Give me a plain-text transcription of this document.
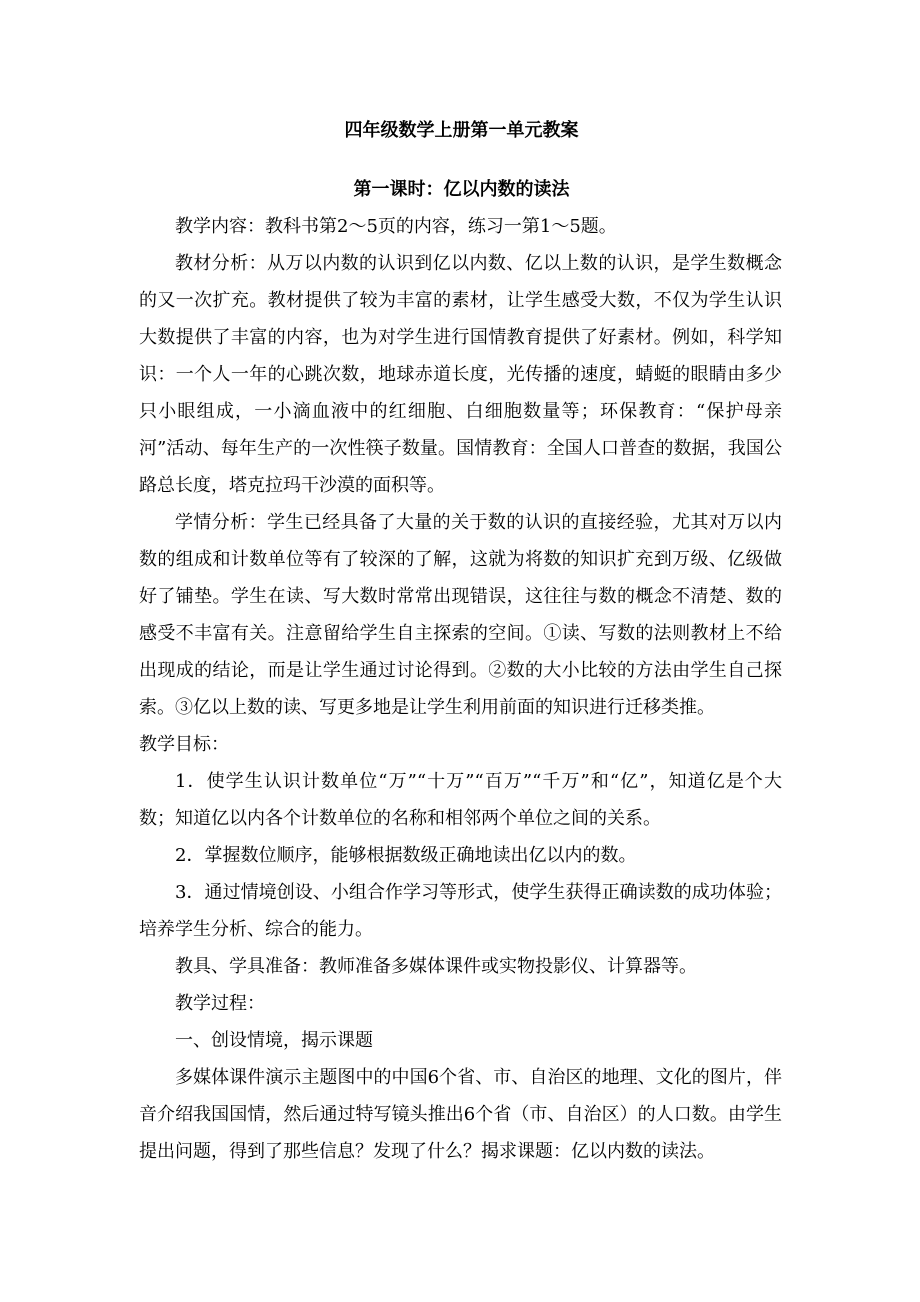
四年级数学上册第一单元教案
第一课时：亿以内数的读法

教学内容：教科书第2～5页的内容，练习一第1～5题。

教材分析：从万以内数的认识到亿以内数、亿以上数的认识，是学生数概念的又一次扩充。教材提供了较为丰富的素材，让学生感受大数，不仅为学生认识大数提供了丰富的内容，也为对学生进行国情教育提供了好素材。例如，科学知识：一个人一年的心跳次数，地球赤道长度，光传播的速度，蜻蜓的眼睛由多少只小眼组成，一小滴血液中的红细胞、白细胞数量等；环保教育：“保护母亲河”活动、每年生产的一次性筷子数量。国情教育：全国人口普查的数据，我国公路总长度，塔克拉玛干沙漠的面积等。

学情分析：学生已经具备了大量的关于数的认识的直接经验，尤其对万以内数的组成和计数单位等有了较深的了解，这就为将数的知识扩充到万级、亿级做好了铺垫。学生在读、写大数时常常出现错误，这往往与数的概念不清楚、数的感受不丰富有关。注意留给学生自主探索的空间。①读、写数的法则教材上不给出现成的结论，而是让学生通过讨论得到。②数的大小比较的方法由学生自己探索。③亿以上数的读、写更多地是让学生利用前面的知识进行迁移类推。

教学目标：

1．使学生认识计数单位“万”“十万”“百万”“千万”和“亿”，知道亿是个大数；知道亿以内各个计数单位的名称和相邻两个单位之间的关系。

2．掌握数位顺序，能够根据数级正确地读出亿以内的数。

3．通过情境创设、小组合作学习等形式，使学生获得正确读数的成功体验；培养学生分析、综合的能力。

教具、学具准备：教师准备多媒体课件或实物投影仪、计算器等。

教学过程：

一、创设情境，揭示课题

多媒体课件演示主题图中的中国6个省、市、自治区的地理、文化的图片，伴音介绍我国国情，然后通过特写镜头推出6个省（市、自治区）的人口数。由学生提出问题，得到了那些信息？发现了什么？揭求课题：亿以内数的读法。
